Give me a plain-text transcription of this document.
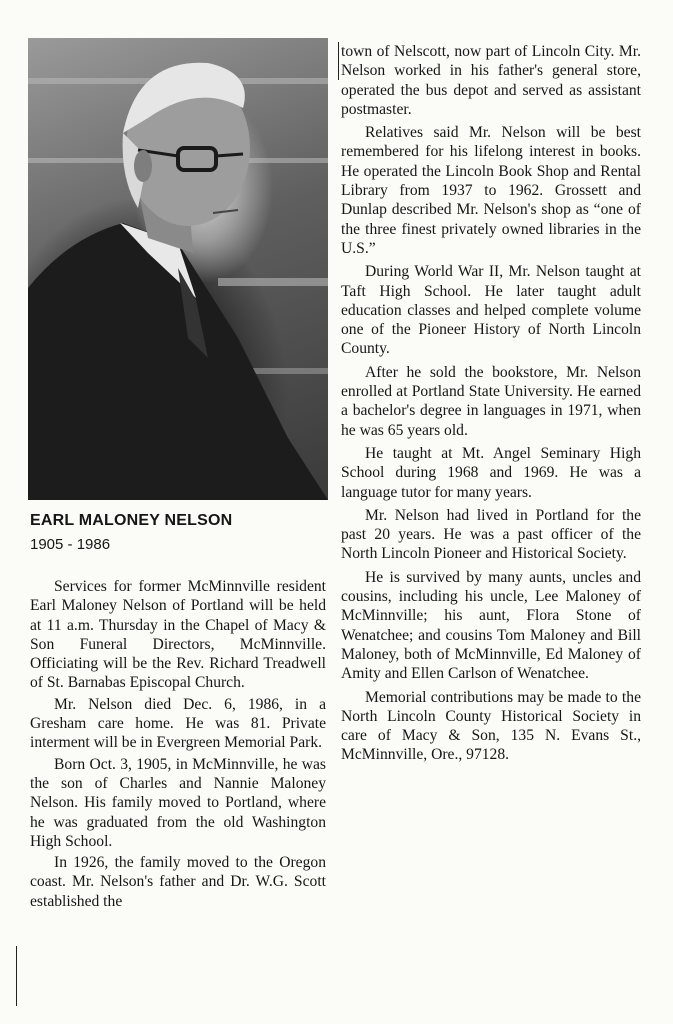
EARL MALONEY NELSON
1905 - 1986

Services for former McMinnville resident Earl Maloney Nelson of Portland will be held at 11 a.m. Thursday in the Chapel of Macy & Son Funeral Directors, McMinnville. Officiating will be the Rev. Richard Treadwell of St. Barnabas Episcopal Church.

Mr. Nelson died Dec. 6, 1986, in a Gresham care home. He was 81. Private interment will be in Evergreen Memorial Park.

Born Oct. 3, 1905, in McMinnville, he was the son of Charles and Nannie Maloney Nelson. His family moved to Portland, where he was graduated from the old Washington High School.

In 1926, the family moved to the Oregon coast. Mr. Nelson's father and Dr. W.G. Scott established the

town of Nelscott, now part of Lincoln City. Mr. Nelson worked in his father's general store, operated the bus depot and served as assistant postmaster.

Relatives said Mr. Nelson will be best remembered for his lifelong interest in books. He operated the Lincoln Book Shop and Rental Library from 1937 to 1962. Grossett and Dunlap described Mr. Nelson's shop as “one of the three finest privately owned libraries in the U.S.”

During World War II, Mr. Nelson taught at Taft High School. He later taught adult education classes and helped complete volume one of the Pioneer History of North Lincoln County.

After he sold the bookstore, Mr. Nelson enrolled at Portland State University. He earned a bachelor's degree in languages in 1971, when he was 65 years old.

He taught at Mt. Angel Seminary High School during 1968 and 1969. He was a language tutor for many years.

Mr. Nelson had lived in Portland for the past 20 years. He was a past officer of the North Lincoln Pioneer and Historical Society.

He is survived by many aunts, uncles and cousins, including his uncle, Lee Maloney of McMinnville; his aunt, Flora Stone of Wenatchee; and cousins Tom Maloney and Bill Maloney, both of McMinnville, Ed Maloney of Amity and Ellen Carlson of Wenatchee.

Memorial contributions may be made to the North Lincoln County Historical Society in care of Macy & Son, 135 N. Evans St., McMinnville, Ore., 97128.
